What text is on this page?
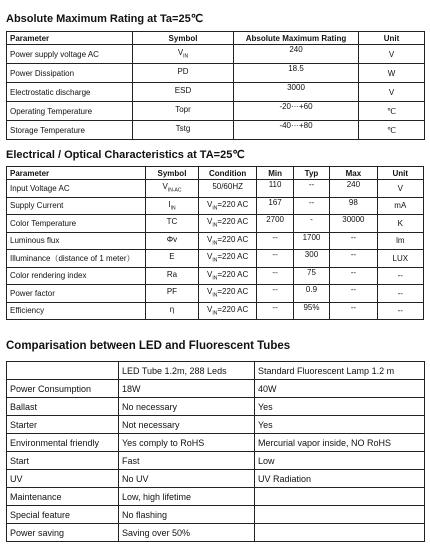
Absolute Maximum Rating at Ta=25℃
Parameter	Symbol	Absolute Maximum Rating	Unit
Power supply voltage AC	$V_{IN}$	240	V
Power Dissipation	PD	18.5	W
Electrostatic discharge	ESD	3000	V
Operating Temperature	Topr	-20···+60	℃
Storage Temperature	Tstg	-40···+80	℃
Electrical / Optical Characteristics at TA=25℃
Parameter	Symbol	Condition	Min	Typ	Max	Unit
Input Voltage AC	$V_{IN-AC}$	50/60HZ	110	--	240	V
Supply Current	$I_{IN}$	$V_{IN}=220$ AC	167	--	98	mA
Color Temperature	TC	$V_{IN}=220$ AC	2700	-	30000	K
Luminous flux	Φv	$V_{IN}=220$ AC	--	1700	--	lm
Illuminance（distance of 1 meter）	E	$V_{IN}=220$ AC	--	300	--	LUX
Color rendering index	Ra	$V_{IN}=220$ AC	--	75	--	--
Power factor	PF	$V_{IN}=220$ AC	--	0.9	--	--
Efficiency	η	$V_{IN}=220$ AC	--	95%	--	--
Comparisation between LED and Fluorescent Tubes
	LED Tube 1.2m, 288 Leds	Standard Fluorescent Lamp 1.2 m
Power Consumption	18W	40W
Ballast	No necessary	Yes
Starter	Not necessary	Yes
Environmental friendly	Yes comply to RoHS	Mercurial vapor inside, NO RoHS
Start	Fast	Low
UV	No UV	UV Radiation
Maintenance	Low, high lifetime	
Special feature	No flashing	
Power saving	Saving over 50%	
